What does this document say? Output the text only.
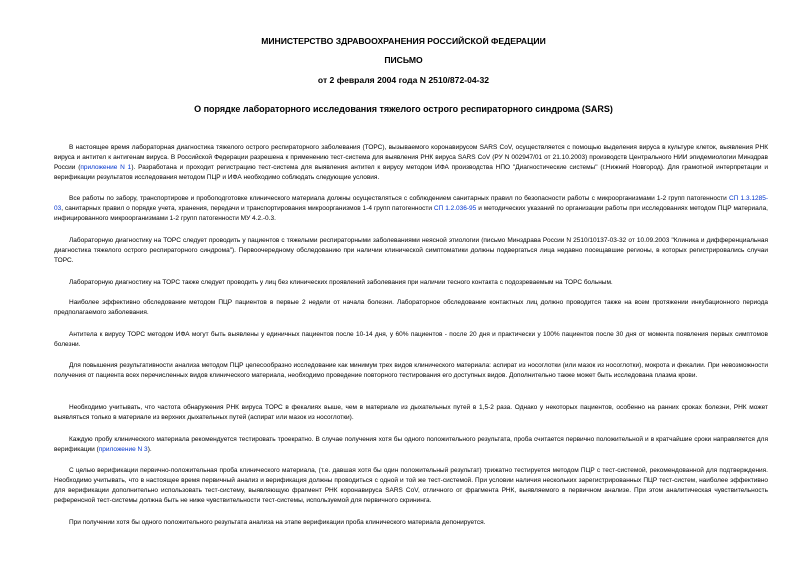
МИНИСТЕРСТВО ЗДРАВООХРАНЕНИЯ РОССИЙСКОЙ ФЕДЕРАЦИИ
ПИСЬМО
от 2 февраля 2004 года N 2510/872-04-32
О порядке лабораторного исследования тяжелого острого респираторного синдрома (SARS)

В настоящее время лабораторная диагностика тяжелого острого респираторного заболевания (ТОРС), вызываемого коронавирусом SARS CoV, осуществляется с помощью выделения вируса в культуре клеток, выявления РНК вируса и антител к антигенам вируса. В Российской Федерации разрешена к применению тест-система для выявления РНК вируса SARS CoV (РУ N 002947/01 от 21.10.2003) производств Центрального НИИ эпидемиологии Минздрав России (приложение N 1). Разработана и проходит регистрацию тест-система для выявления антител к вирусу методом ИФА производства НПО "Диагностические системы" (г.Нижний Новгород). Для грамотной интерпретации и верификации результатов исследования методом ПЦР и ИФА необходимо соблюдать следующие условия.

Все работы по забору, транспортирове и пробоподготовке клинического материала должны осуществляться с соблюдением санитарных правил по безопасности работы с микроорганизмами 1-2 групп патогенности СП 1.3.1285-03, санитарных правил о порядке учета, хранения, передачи и транспортирования микроорганизмов 1-4 групп патогенности СП 1.2.036-95 и методических указаний по организации работы при исследованиях методом ПЦР материала, инфицированного микроорганизмами 1-2 групп патогенности МУ 4.2.-0.3.

Лабораторную диагностику на ТОРС следует проводить у пациентов с тяжелыми респираторными заболеваниями неясной этиологии (письмо Минздрава России N 2510/10137-03-32 от 10.09.2003 "Клиника и дифференциальная диагностика тяжелого острого респираторного синдрома"). Первоочередному обследованию при наличии клинической симптоматики должны подвергаться лица недавно посещавшие регионы, в которых регистрировались случаи ТОРС.

Лабораторную диагностику на ТОРС также следует проводить у лиц без клинических проявлений заболевания при наличии тесного контакта с подозреваемым на ТОРС больным.

Наиболее эффективно обследование методом ПЦР пациентов в первые 2 недели от начала болезни. Лабораторное обследование контактных лиц должно проводится также на всем протяжении инкубационного периода предполагаемого заболевания.

Антитела к вирусу ТОРС методом ИФА могут быть выявлены у единичных пациентов после 10-14 дня, у 60% пациентов - после 20 дня и практически у 100% пациентов после 30 дня от момента появления первых симптомов болезни.

Для повышения результативности анализа методом ПЦР целесообразно исследование как минимум трех видов клинического материала: аспират из носоглотки (или мазок из носоглотки), мокрота и фекалии. При невозможности получения от пациента всех перечисленных видов клинического материала, необходимо проведение повторного тестирования его доступных видов. Дополнительно также может быть исследована плазма крови.

Необходимо учитывать, что частота обнаружения РНК вируса ТОРС в фекалиях выше, чем в материале из дыхательных путей в 1,5-2 раза. Однако у некоторых пациентов, особенно на ранних сроках болезни, РНК может выявляться только в материале из верхних дыхательных путей (аспират или мазок из носоглотки).

Каждую пробу клинического материала рекомендуется тестировать троекратно. В случае получения хотя бы одного положительного результата, проба считается первично положительной и в кратчайшие сроки направляется для верификации (приложение N 3).

С целью верификации первично-положительная проба клинического материала, (т.е. давшая хотя бы один положительный результат) трижатно тестируется методом ПЦР с тест-системой, рекомендованной для подтверждения. Необходимо учитывать, что в настоящее время первичный анализ и верификация должны проводиться с одной и той же тест-системой. При условии наличия нескольких зарегистрированных ПЦР тест-систем, наиболее эффективно для верификации дополнительно использовать тест-систему, выявляющую фрагмент РНК коронавируса SARS CoV, отличного от фрагмента РНК, выявляемого в первичном анализе. При этом аналитическая чувствительность референсной тест-системы должна быть не ниже чувствительности тест-системы, используемой для первичного скрининга.

При получении хотя бы одного положительного результата анализа на этапе верификации проба клинического материала депонируется.
